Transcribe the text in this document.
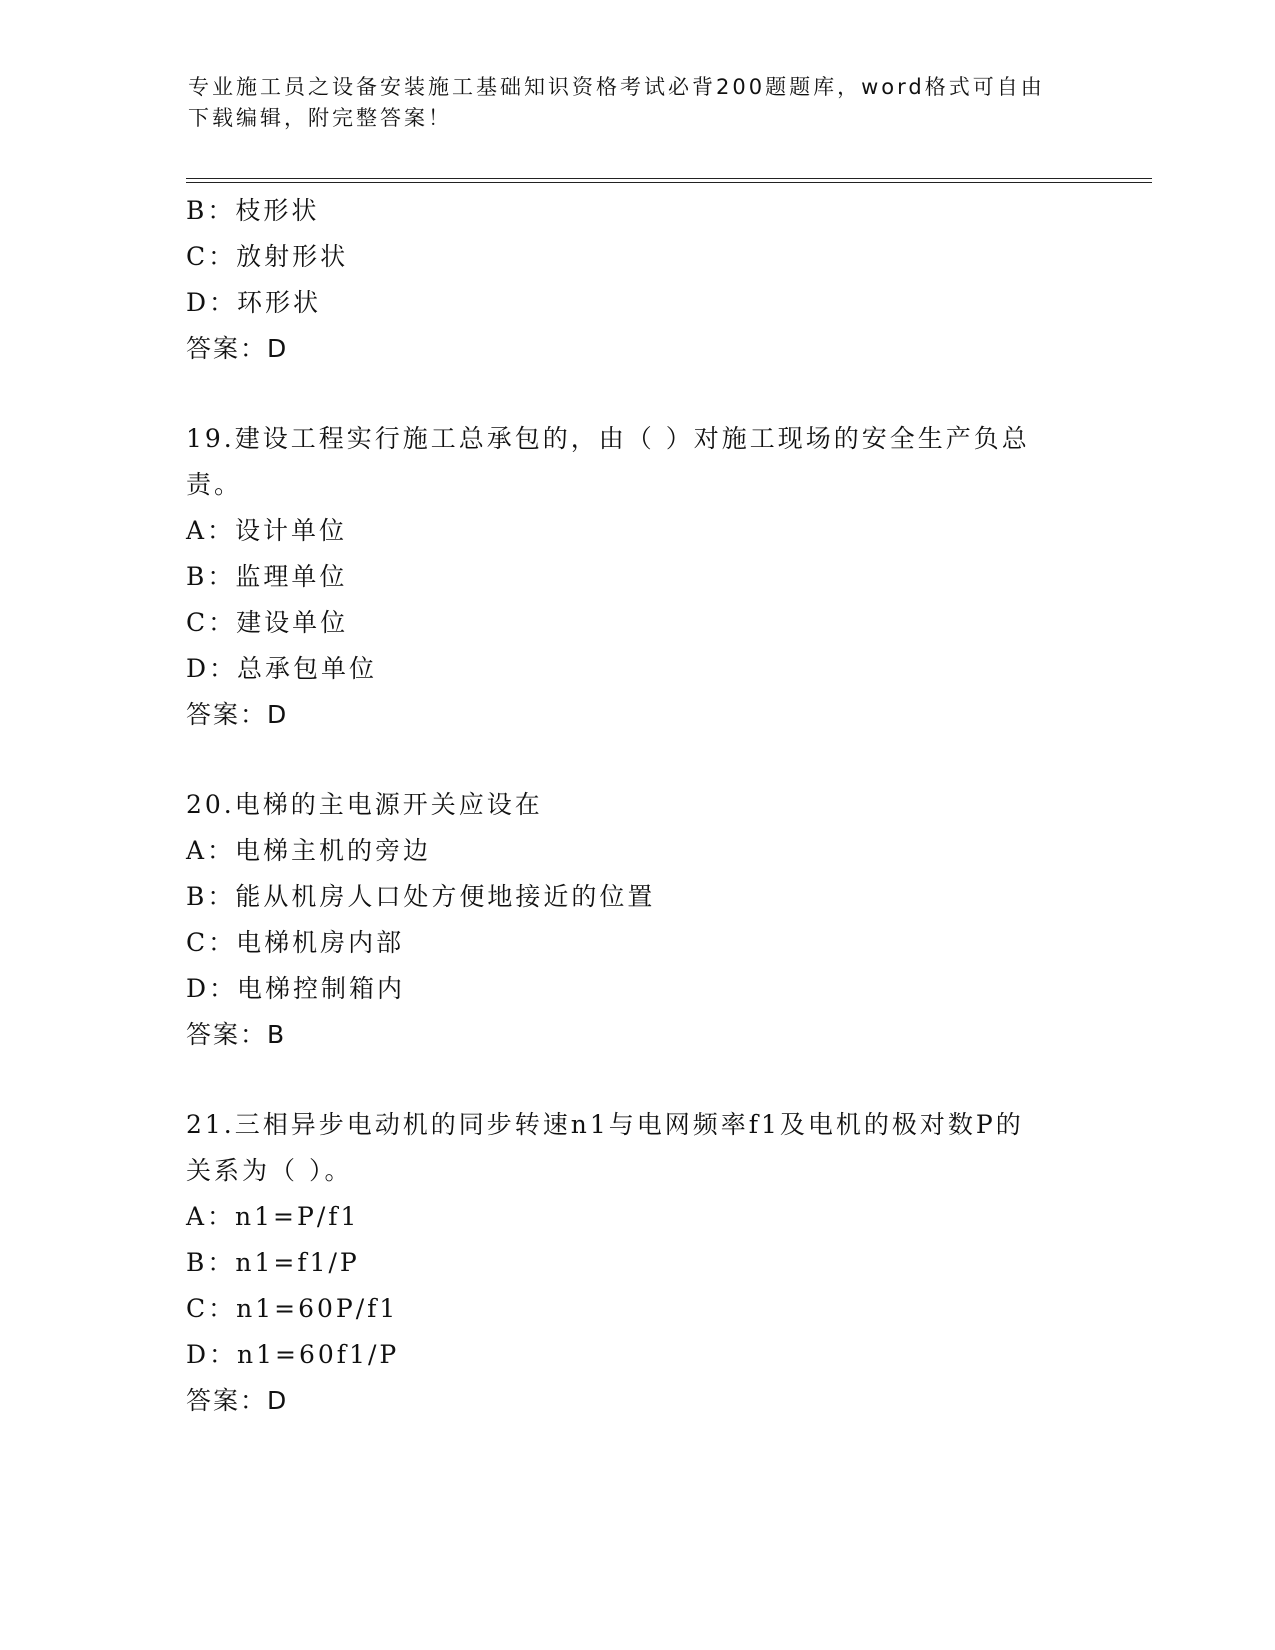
专业施工员之设备安装施工基础知识资格考试必背200题题库，word格式可自由
下载编辑，附完整答案！
B：枝形状
C：放射形状
D：环形状
答案：D
19.建设工程实行施工总承包的，由（ ）对施工现场的安全生产负总
责。
A：设计单位
B：监理单位
C：建设单位
D：总承包单位
答案：D
20.电梯的主电源开关应设在
A：电梯主机的旁边
B：能从机房人口处方便地接近的位置
C：电梯机房内部
D：电梯控制箱内
答案：B
21.三相异步电动机的同步转速n1与电网频率f1及电机的极对数P的
关系为（ ）。
A：n1=P/f1
B：n1=f1/P
C：n1=60P/f1
D：n1=60f1/P
答案：D
